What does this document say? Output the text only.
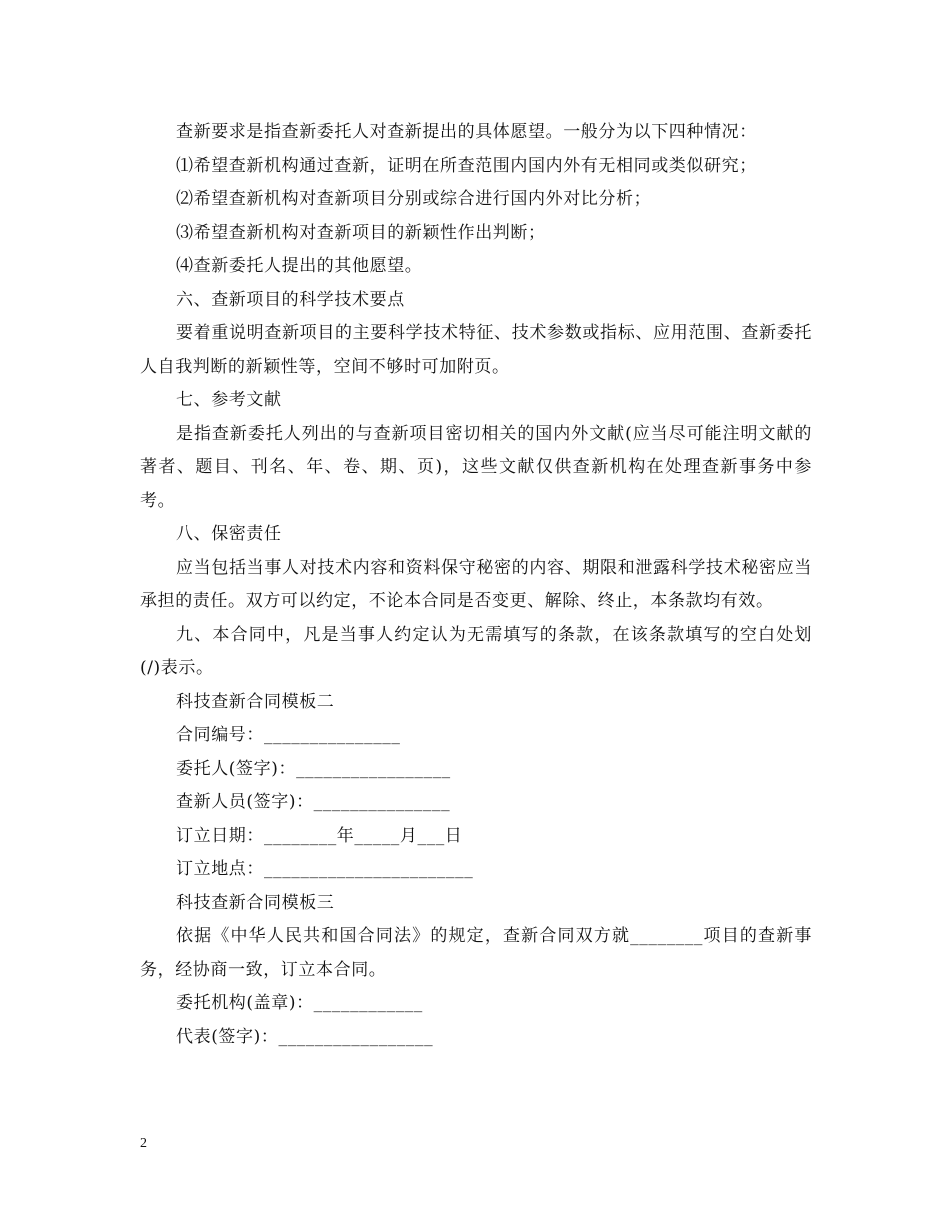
查新要求是指查新委托人对查新提出的具体愿望。一般分为以下四种情况：

⑴希望查新机构通过查新，证明在所查范围内国内外有无相同或类似研究；

⑵希望查新机构对查新项目分别或综合进行国内外对比分析；

⑶希望查新机构对查新项目的新颖性作出判断；

⑷查新委托人提出的其他愿望。

六、查新项目的科学技术要点

要着重说明查新项目的主要科学技术特征、技术参数或指标、应用范围、查新委托人自我判断的新颖性等，空间不够时可加附页。

七、参考文献

是指查新委托人列出的与查新项目密切相关的国内外文献(应当尽可能注明文献的著者、题目、刊名、年、卷、期、页)，这些文献仅供查新机构在处理查新事务中参考。

八、保密责任

应当包括当事人对技术内容和资料保守秘密的内容、期限和泄露科学技术秘密应当承担的责任。双方可以约定，不论本合同是否变更、解除、终止，本条款均有效。

九、本合同中，凡是当事人约定认为无需填写的条款，在该条款填写的空白处划(/)表示。

科技查新合同模板二

合同编号：_______________

委托人(签字)：_________________

查新人员(签字)：_______________

订立日期：________年_____月___日

订立地点：_______________________

科技查新合同模板三

依据《中华人民共和国合同法》的规定，查新合同双方就________项目的查新事务，经协商一致，订立本合同。

委托机构(盖章)：____________

代表(签字)：_________________

2
